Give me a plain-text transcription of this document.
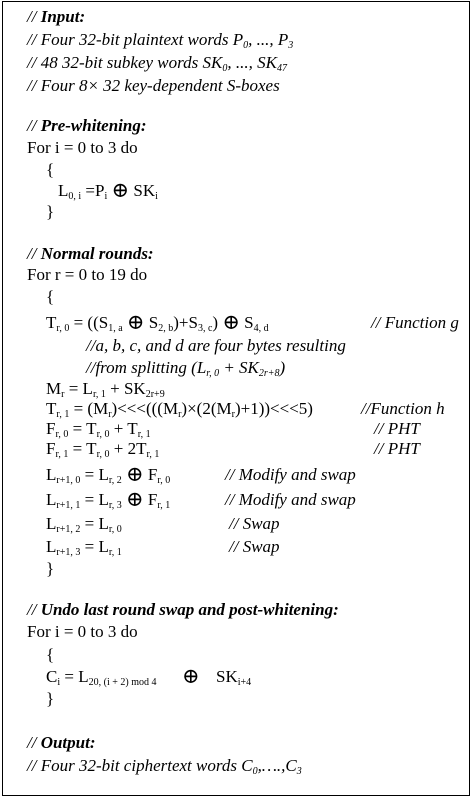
// Input:
// Four 32-bit plaintext words $P_0$, ..., $P_3$
// 48 32-bit subkey words $SK_0$, ..., $SK_{47}$
// Four 8× 32 key-dependent S-boxes
// Pre-whitening:
For i = 0 to 3 do
{
$L_{0, i} =P_i$ ⊕ $SK_i$
}
// Normal rounds:
For r = 0 to 19 do
{
$T_{r, 0} = ((S_{1, a}$ ⊕ $S_{2, b})+S_{3, c}$) ⊕ $S_{4, d}$	// Function g
//a, b, c, and d are four bytes resulting
//from splitting $(L_{r, 0} + SK_{2r+8})$
$M_r = L_{r, 1} + SK_{2r+9}$
$T_{r, 1} = (M_r)<<<(((M_r)\times(2(M_r)+1))<<<5)$	//Function h
$F_{r, 0} = T_{r, 0} + T_{r, 1}$	// PHT
$F_{r, 1} = T_{r, 0} + 2T_{r, 1}$	// PHT
$L_{r+1, 0} = L_{r, 2}$ ⊕ $F_{r, 0}$	// Modify and swap
$L_{r+1, 1} = L_{r, 3}$ ⊕ $F_{r, 1}$	// Modify and swap
$L_{r+1, 2} = L_{r, 0}$	// Swap
$L_{r+1, 3} = L_{r, 1}$	// Swap
}
// Undo last round swap and post-whitening:
For i = 0 to 3 do
{
$C_i = L_{20, (i + 2) mod 4}$ ⊕ $SK_{i+4}$
}
// Output:
// Four 32-bit ciphertext words $C_0,\dots.,C_3$
